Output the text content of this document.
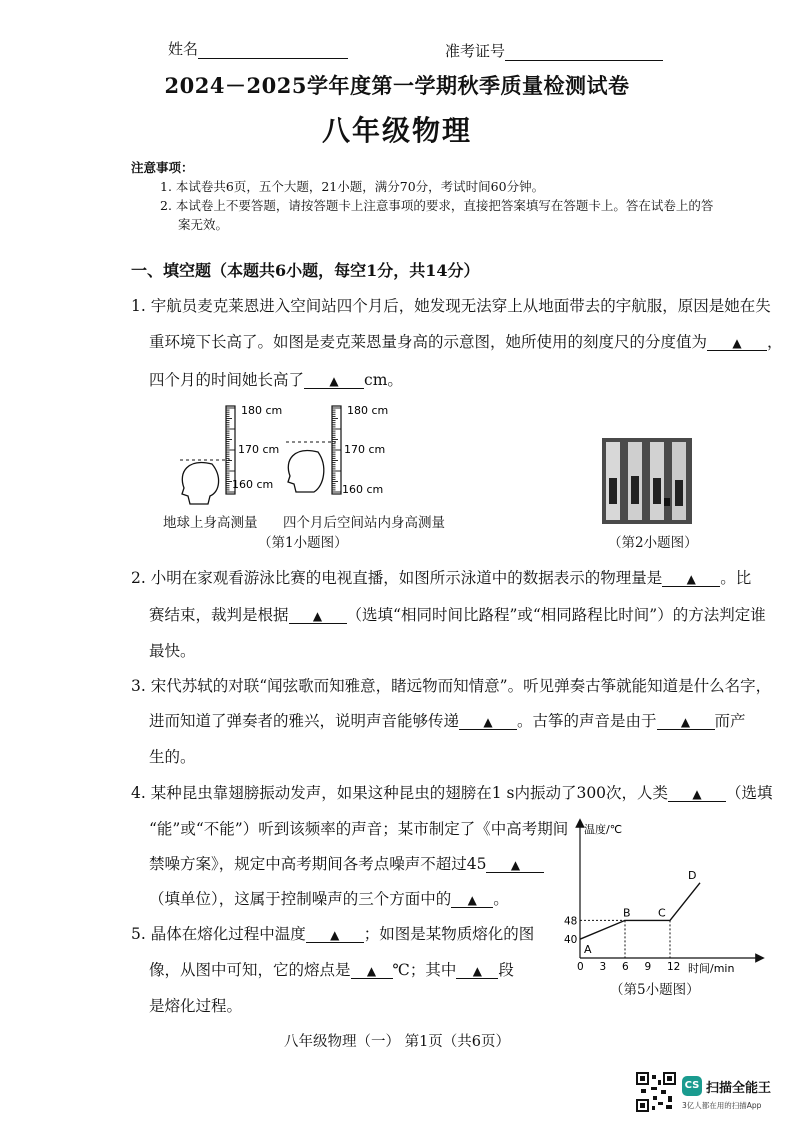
姓名	准考证号
2024－2025学年度第一学期秋季质量检测试卷
八年级物理
注意事项：
1. 本试卷共6页，五个大题，21小题，满分70分，考试时间60分钟。
2. 本试卷上不要答题，请按答题卡上注意事项的要求，直接把答案填写在答题卡上。答在试卷上的答
案无效。
一、填空题（本题共6小题，每空1分，共14分）
1. 宇航员麦克莱恩进入空间站四个月后，她发现无法穿上从地面带去的宇航服，原因是她在失
重环境下长高了。如图是麦克莱恩量身高的示意图，她所使用的刻度尺的分度值为 ▲ ，
四个月的时间她长高了 ▲ cm。
180 cm
170 cm
160 cm
180 cm
170 cm
160 cm
地球上身高测量 四个月后空间站内身高测量
（第1小题图）	（第2小题图）
2. 小明在家观看游泳比赛的电视直播，如图所示泳道中的数据表示的物理量是 ▲ 。比
赛结束，裁判是根据 ▲ （选填“相同时间比路程”或“相同路程比时间”）的方法判定谁
最快。
3. 宋代苏轼的对联“闻弦歌而知雅意，睹远物而知情意”。听见弹奏古筝就能知道是什么名字，
进而知道了弹奏者的雅兴，说明声音能够传递 ▲ 。古筝的声音是由于 ▲ 而产
生的。
4. 某种昆虫靠翅膀振动发声，如果这种昆虫的翅膀在1 s内振动了300次，人类 ▲ （选填
“能”或“不能”）听到该频率的声音；某市制定了《中高考期间
禁噪方案》，规定中高考期间各考点噪声不超过45 ▲
（填单位），这属于控制噪声的三个方面中的 ▲ 。
5. 晶体在熔化过程中温度 ▲ ；如图是某物质熔化的图
像，从图中可知，它的熔点是 ▲ ℃；其中 ▲ 段
是熔化过程。
温度/℃
时间/min
0 3 6 9 12
40
48
A
B C
D
（第5小题图）
八年级物理（一） 第1页（共6页）
CS 扫描全能王
3亿人都在用的扫描App
